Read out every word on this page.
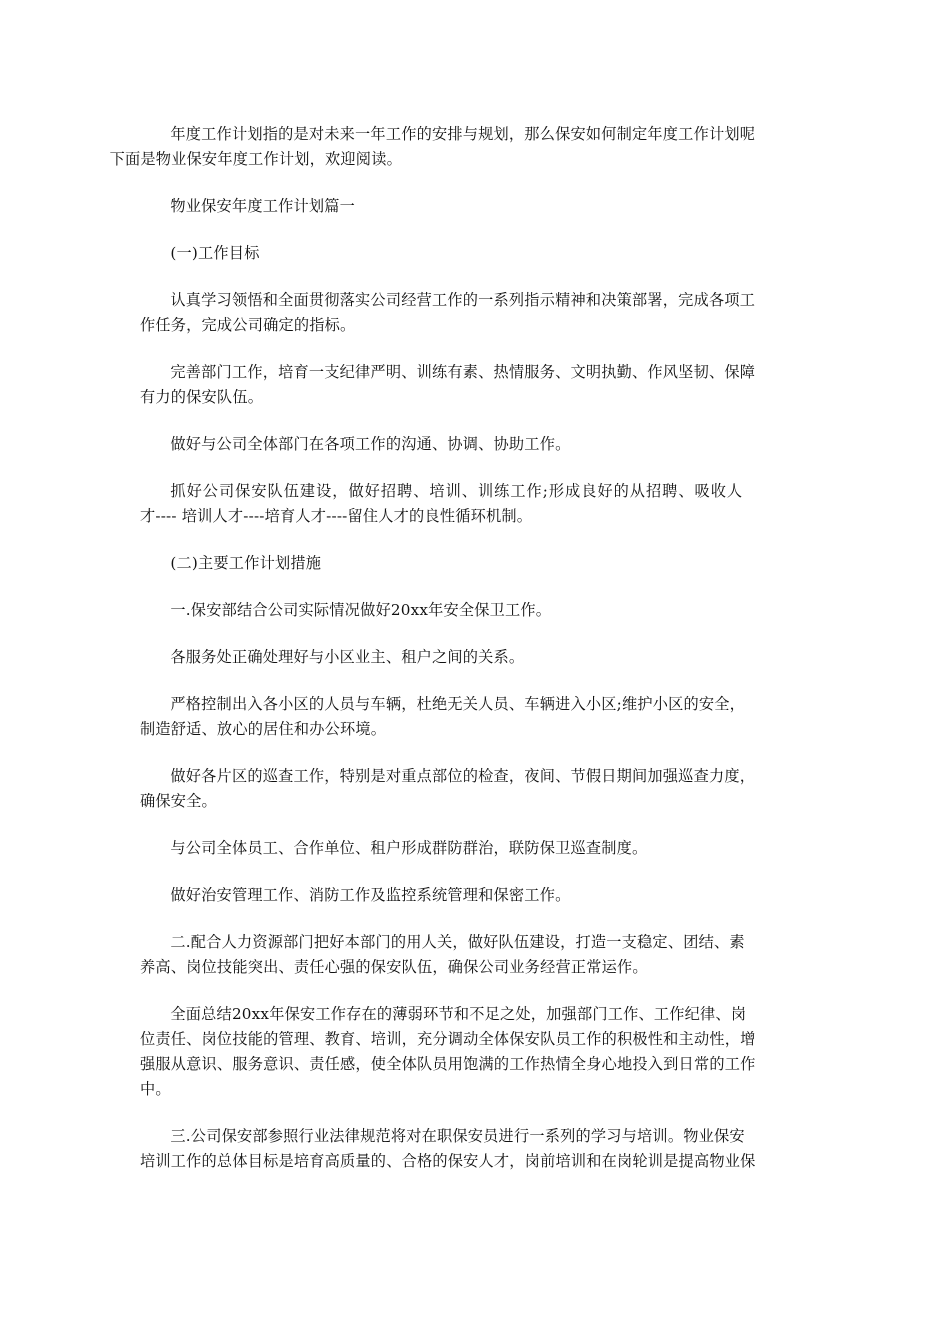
年度工作计划指的是对未来一年工作的安排与规划，那么保安如何制定年度工作计划呢
下面是物业保安年度工作计划，欢迎阅读。

物业保安年度工作计划篇一

(一)工作目标

认真学习领悟和全面贯彻落实公司经营工作的一系列指示精神和决策部署，完成各项工
作任务，完成公司确定的指标。

完善部门工作，培育一支纪律严明、训练有素、热情服务、文明执勤、作风坚韧、保障
有力的保安队伍。

做好与公司全体部门在各项工作的沟通、协调、协助工作。

抓好公司保安队伍建设，做好招聘、培训、训练工作;形成良好的从招聘、吸收人
才---- 培训人才----培育人才----留住人才的良性循环机制。

(二)主要工作计划措施

一.保安部结合公司实际情况做好20xx年安全保卫工作。

各服务处正确处理好与小区业主、租户之间的关系。

严格控制出入各小区的人员与车辆，杜绝无关人员、车辆进入小区;维护小区的安全，
制造舒适、放心的居住和办公环境。

做好各片区的巡查工作，特别是对重点部位的检查，夜间、节假日期间加强巡查力度，
确保安全。

与公司全体员工、合作单位、租户形成群防群治，联防保卫巡查制度。

做好治安管理工作、消防工作及监控系统管理和保密工作。

二.配合人力资源部门把好本部门的用人关，做好队伍建设，打造一支稳定、团结、素
养高、岗位技能突出、责任心强的保安队伍，确保公司业务经营正常运作。

全面总结20xx年保安工作存在的薄弱环节和不足之处，加强部门工作、工作纪律、岗
位责任、岗位技能的管理、教育、培训，充分调动全体保安队员工作的积极性和主动性，增
强服从意识、服务意识、责任感，使全体队员用饱满的工作热情全身心地投入到日常的工作
中。

三.公司保安部参照行业法律规范将对在职保安员进行一系列的学习与培训。物业保安
培训工作的总体目标是培育高质量的、合格的保安人才，岗前培训和在岗轮训是提高物业保
